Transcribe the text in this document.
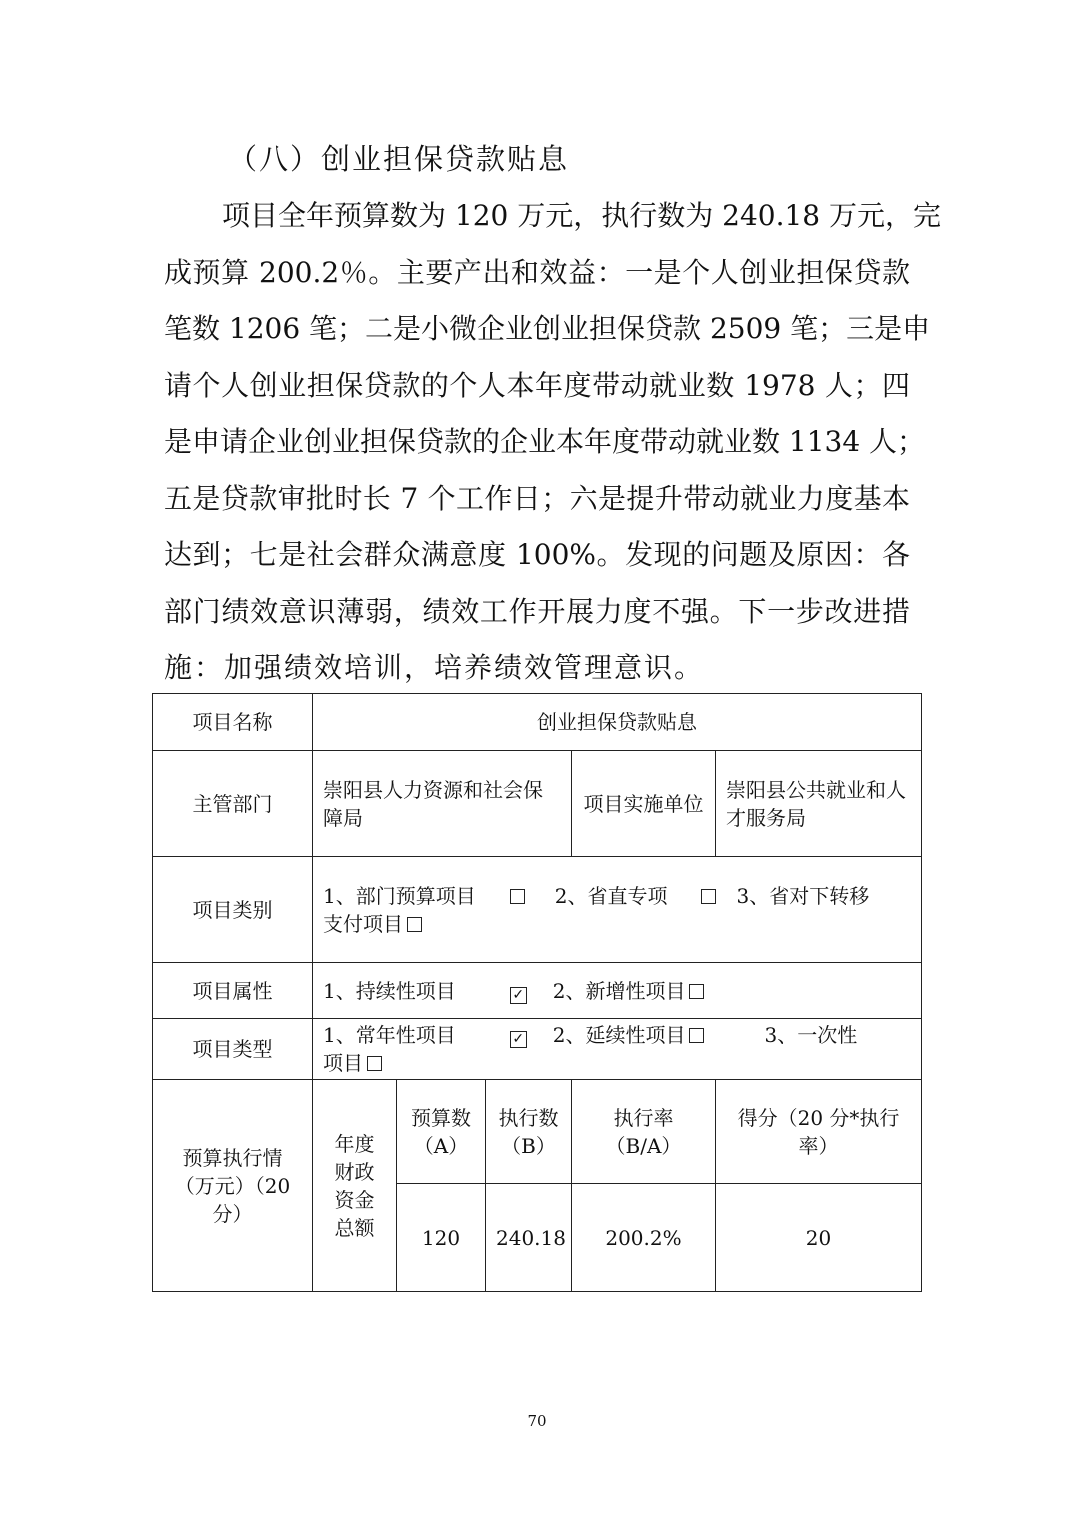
（八）创业担保贷款贴息
项目全年预算数为 120 万元，执行数为 240.18 万元，完
成预算 200.2％。主要产出和效益：一是个人创业担保贷款
笔数 1206 笔；二是小微企业创业担保贷款 2509 笔；三是申
请个人创业担保贷款的个人本年度带动就业数 1978 人；四
是申请企业创业担保贷款的企业本年度带动就业数 1134 人；
五是贷款审批时长 7 个工作日；六是提升带动就业力度基本
达到；七是社会群众满意度 100%。发现的问题及原因：各
部门绩效意识薄弱，绩效工作开展力度不强。下一步改进措
施：加强绩效培训，培养绩效管理意识。
项目名称	创业担保贷款贴息				
主管部门	崇阳县人力资源和社会保障局			项目实施单位	崇阳县公共就业和人才服务局
项目类别	1、部门预算项目 2、省直专项 3、省对下转移
支付项目				
项目属性	1、持续性项目 ✓ 2、新增性项目				
项目类型	1、常年性项目 ✓ 2、延续性项目 3、一次性
项目				
预算执行情（万元）（20分）	年度财政资金总额	预算数（A）	执行数（B）	执行率（B/A）	得分（20 分*执行率）
		120	240.18	200.2%	20
70
